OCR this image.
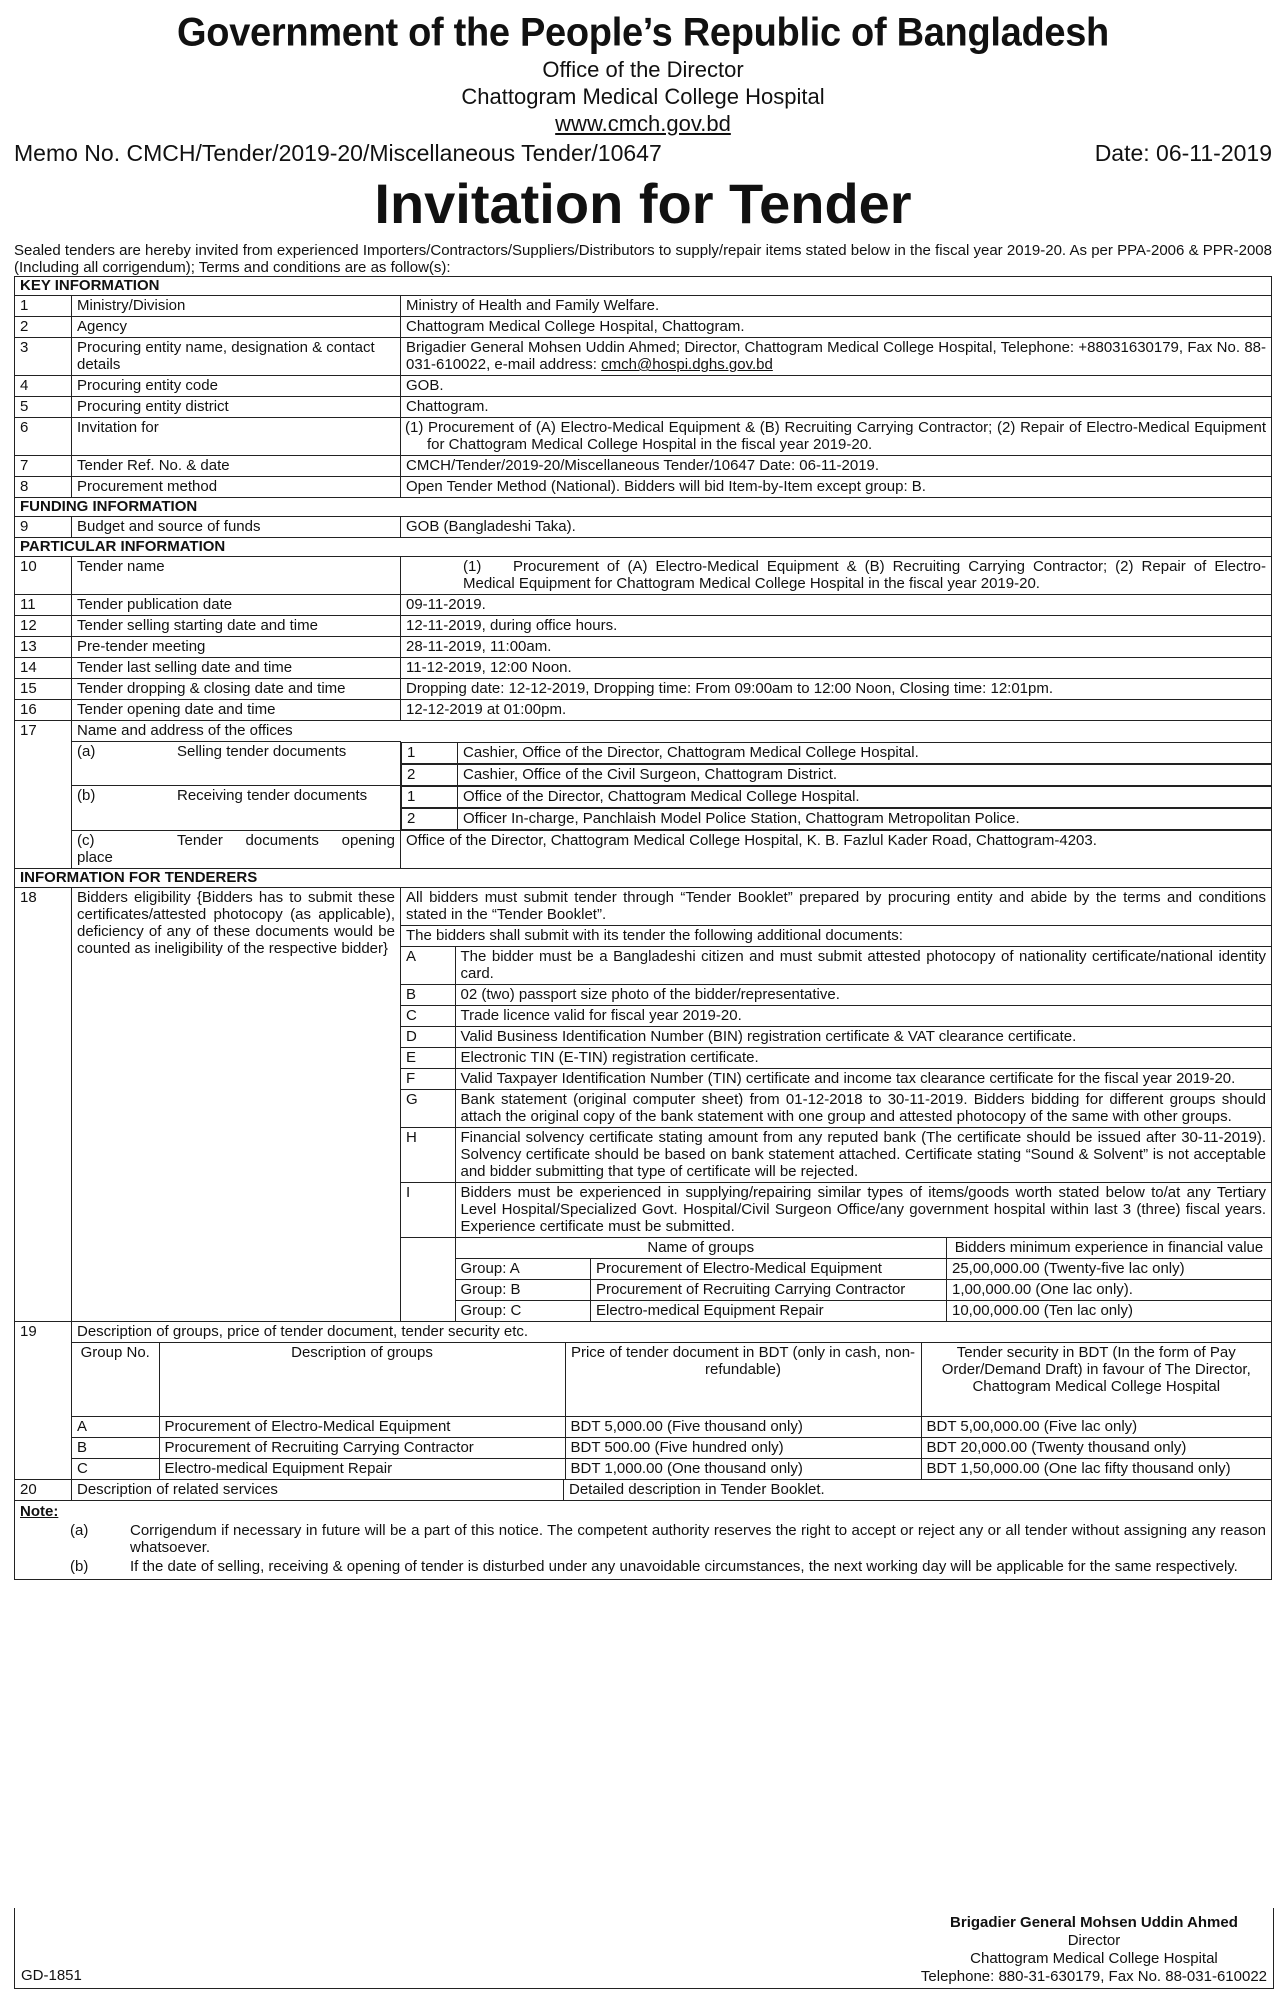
Government of the People’s Republic of Bangladesh
Office of the Director
Chattogram Medical College Hospital
www.cmch.gov.bd
Memo No. CMCH/Tender/2019-20/Miscellaneous Tender/10647	Date: 06-11-2019
Invitation for Tender
Sealed tenders are hereby invited from experienced Importers/Contractors/Suppliers/Distributors to supply/repair items stated below in the fiscal year 2019-20. As per PPA-2006 & PPR-2008 (Including all corrigendum); Terms and conditions are as follow(s):
KEY INFORMATION
1	Ministry/Division	Ministry of Health and Family Welfare.
2	Agency	Chattogram Medical College Hospital, Chattogram.
3	Procuring entity name, designation & contact details	Brigadier General Mohsen Uddin Ahmed; Director, Chattogram Medical College Hospital, Telephone: +88031630179, Fax No. 88-031-610022, e-mail address: cmch@hospi.dghs.gov.bd
4	Procuring entity code	GOB.
5	Procuring entity district	Chattogram.
6	Invitation for	(1) Procurement of (A) Electro-Medical Equipment & (B) Recruiting Carrying Contractor; (2) Repair of Electro-Medical Equipment for Chattogram Medical College Hospital in the fiscal year 2019-20.
7	Tender Ref. No. & date	CMCH/Tender/2019-20/Miscellaneous Tender/10647 Date: 06-11-2019.
8	Procurement method	Open Tender Method (National). Bidders will bid Item-by-Item except group: B.
FUNDING INFORMATION
9	Budget and source of funds	GOB (Bangladeshi Taka).
PARTICULAR INFORMATION
10	Tender name	(1) Procurement of (A) Electro-Medical Equipment & (B) Recruiting Carrying Contractor; (2) Repair of Electro-Medical Equipment for Chattogram Medical College Hospital in the fiscal year 2019-20.
11	Tender publication date	09-11-2019.
12	Tender selling starting date and time	12-11-2019, during office hours.
13	Pre-tender meeting	28-11-2019, 11:00am.
14	Tender last selling date and time	11-12-2019, 12:00 Noon.
15	Tender dropping & closing date and time	Dropping date: 12-12-2019, Dropping time: From 09:00am to 12:00 Noon, Closing time: 12:01pm.
16	Tender opening date and time	12-12-2019 at 01:00pm.
17	Name and address of the offices
(a)	Selling tender documents		1	Cashier, Office of the Director, Chattogram Medical College Hospital.

2	Cashier, Office of the Civil Surgeon, Chattogram District.

(b)	Receiving tender documents		1	Office of the Director, Chattogram Medical College Hospital.

2	Officer In-charge, Panchlaish Model Police Station, Chattogram Metropolitan Police.

(c)	Tender documents opening place	Office of the Director, Chattogram Medical College Hospital, K. B. Fazlul Kader Road, Chattogram-4203.
INFORMATION FOR TENDERERS
18	Bidders eligibility {Bidders has to submit these certificates/attested photocopy (as applicable), deficiency of any of these documents would be counted as ineligibility of the respective bidder}	
All bidders must submit tender through “Tender Booklet” prepared by procuring entity and abide by the terms and conditions stated in the “Tender Booklet”.
The bidders shall submit with its tender the following additional documents:
A	The bidder must be a Bangladeshi citizen and must submit attested photocopy of nationality certificate/national identity card.
B	02 (two) passport size photo of the bidder/representative.
C	Trade licence valid for fiscal year 2019-20.
D	Valid Business Identification Number (BIN) registration certificate & VAT clearance certificate.
E	Electronic TIN (E-TIN) registration certificate.
F	Valid Taxpayer Identification Number (TIN) certificate and income tax clearance certificate for the fiscal year 2019-20.
G	Bank statement (original computer sheet) from 01-12-2018 to 30-11-2019. Bidders bidding for different groups should attach the original copy of the bank statement with one group and attested photocopy of the same with other groups.
H	Financial solvency certificate stating amount from any reputed bank (The certificate should be issued after 30-11-2019). Solvency certificate should be based on bank statement attached. Certificate stating “Sound & Solvent” is not acceptable and bidder submitting that type of certificate will be rejected.
I	Bidders must be experienced in supplying/repairing similar types of items/goods worth stated below to/at any Tertiary Level Hospital/Specialized Govt. Hospital/Civil Surgeon Office/any government hospital within last 3 (three) fiscal years. Experience certificate must be submitted.

Name of groups	Bidders minimum experience in financial value
Group: A	Procurement of Electro-Medical Equipment	25,00,000.00 (Twenty-five lac only)
Group: B	Procurement of Recruiting Carrying Contractor	1,00,000.00 (One lac only).
Group: C	Electro-medical Equipment Repair	10,00,000.00 (Ten lac only)

19	Description of groups, price of tender document, tender security etc.

Group No.	Description of groups	Price of tender document in BDT (only in cash, non-refundable)	Tender security in BDT (In the form of Pay Order/Demand Draft) in favour of The Director, Chattogram Medical College Hospital
A	Procurement of Electro-Medical Equipment	BDT 5,000.00 (Five thousand only)	BDT 5,00,000.00 (Five lac only)
B	Procurement of Recruiting Carrying Contractor	BDT 500.00 (Five hundred only)	BDT 20,000.00 (Twenty thousand only)
C	Electro-medical Equipment Repair	BDT 1,000.00 (One thousand only)	BDT 1,50,000.00 (One lac fifty thousand only)

20	Description of related services	
		Detailed description in Tender Booklet.
Note:
(a)	Corrigendum if necessary in future will be a part of this notice. The competent authority reserves the right to accept or reject any or all tender without assigning any reason whatsoever.
(b)	If the date of selling, receiving & opening of tender is disturbed under any unavoidable circumstances, the next working day will be applicable for the same respectively.
Brigadier General Mohsen Uddin Ahmed
Director
Chattogram Medical College Hospital
Telephone: 880-31-630179, Fax No. 88-031-610022
GD-1851
